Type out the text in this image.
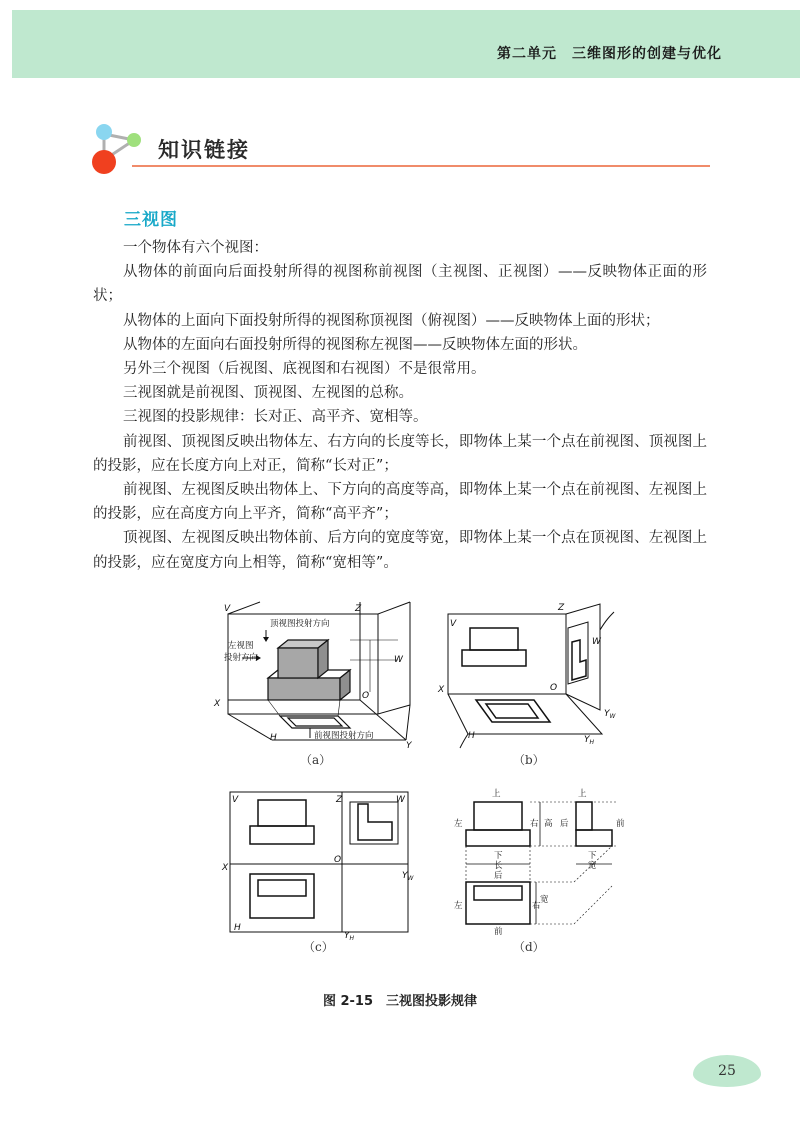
第二单元　三维图形的创建与优化
知识链接
三视图

一个物体有六个视图：

从物体的前面向后面投射所得的视图称前视图（主视图、正视图）——反映物体正面的形状；

从物体的上面向下面投射所得的视图称顶视图（俯视图）——反映物体上面的形状；

从物体的左面向右面投射所得的视图称左视图——反映物体左面的形状。

另外三个视图（后视图、底视图和右视图）不是很常用。

三视图就是前视图、顶视图、左视图的总称。

三视图的投影规律：长对正、高平齐、宽相等。

前视图、顶视图反映出物体左、右方向的长度等长，即物体上某一个点在前视图、顶视图上的投影，应在长度方向上对正，简称“长对正”；

前视图、左视图反映出物体上、下方向的高度等高，即物体上某一个点在前视图、左视图上的投影，应在高度方向上平齐，简称“高平齐”；

顶视图、左视图反映出物体前、后方向的宽度等宽，即物体上某一个点在顶视图、左视图上的投影，应在宽度方向上相等，简称“宽相等”。

V	Z
W
X
O
H
Y
顶视图投射方向
左视图
投射方向
前视图投射方向
（a）
V
Z
W
X	O
H
$Y_W$
$Y_H$
（b）
V	Z	W
X
O
H
$Y_W$
$Y_H$
（c）
上	上
左	右 高 后	前
下	下
长	宽
后
左	右
宽
前
（d）
图 2-15　三视图投影规律
25
